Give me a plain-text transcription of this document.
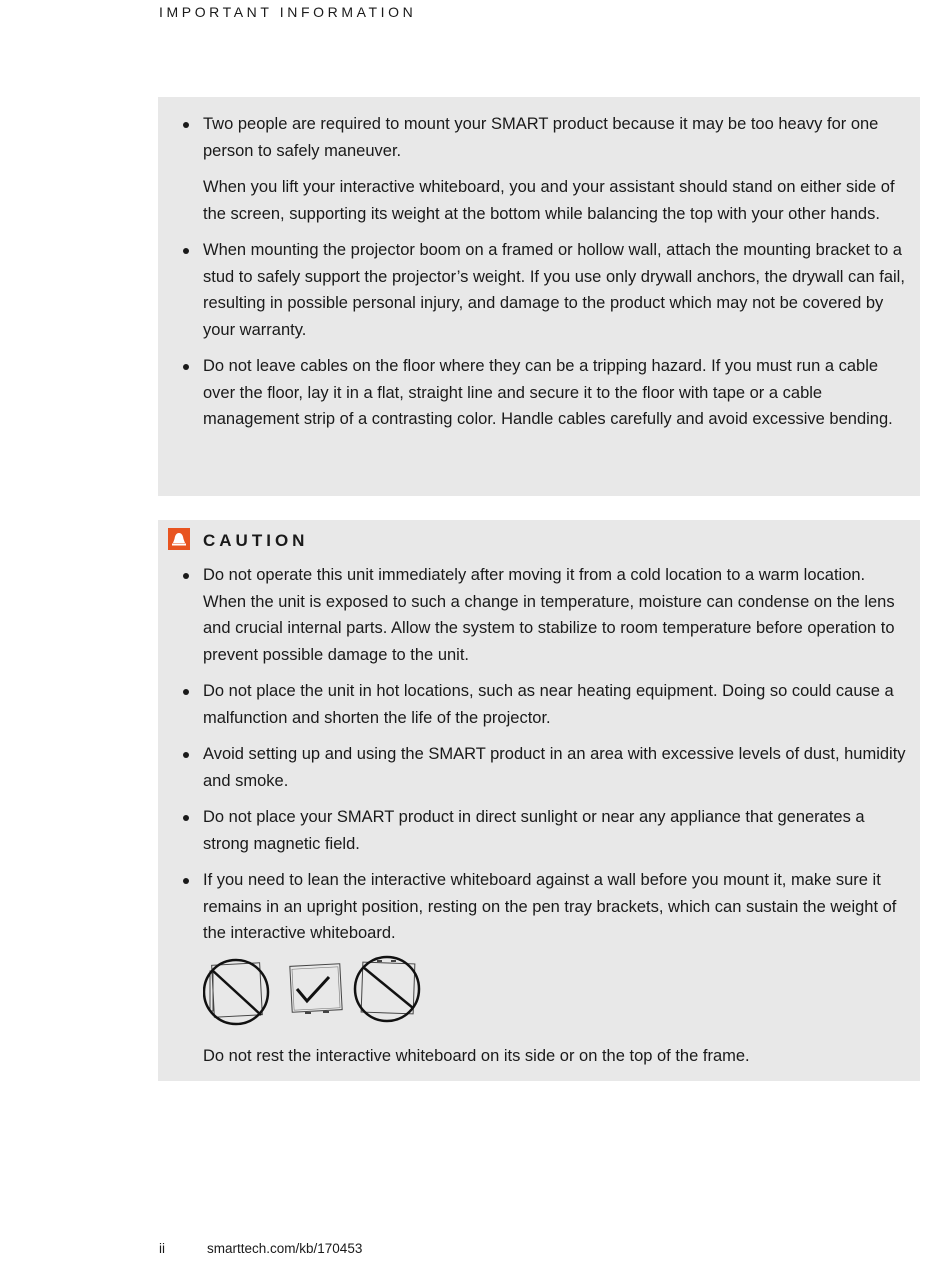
IMPORTANT INFORMATION
Two people are required to mount your SMART product because it may be too heavy for one person to safely maneuver.
When you lift your interactive whiteboard, you and your assistant should stand on either side of the screen, supporting its weight at the bottom while balancing the top with your other hands.
When mounting the projector boom on a framed or hollow wall, attach the mounting bracket to a stud to safely support the projector’s weight. If you use only drywall anchors, the drywall can fail, resulting in possible personal injury, and damage to the product which may not be covered by your warranty.
Do not leave cables on the floor where they can be a tripping hazard. If you must run a cable over the floor, lay it in a flat, straight line and secure it to the floor with tape or a cable management strip of a contrasting color. Handle cables carefully and avoid excessive bending.
CAUTION
Do not operate this unit immediately after moving it from a cold location to a warm location. When the unit is exposed to such a change in temperature, moisture can condense on the lens and crucial internal parts. Allow the system to stabilize to room temperature before operation to prevent possible damage to the unit.
Do not place the unit in hot locations, such as near heating equipment. Doing so could cause a malfunction and shorten the life of the projector.
Avoid setting up and using the SMART product in an area with excessive levels of dust, humidity and smoke.
Do not place your SMART product in direct sunlight or near any appliance that generates a strong magnetic field.
If you need to lean the interactive whiteboard against a wall before you mount it, make sure it remains in an upright position, resting on the pen tray brackets, which can sustain the weight of the interactive whiteboard.
Do not rest the interactive whiteboard on its side or on the top of the frame.
ii	smarttech.com/kb/170453
